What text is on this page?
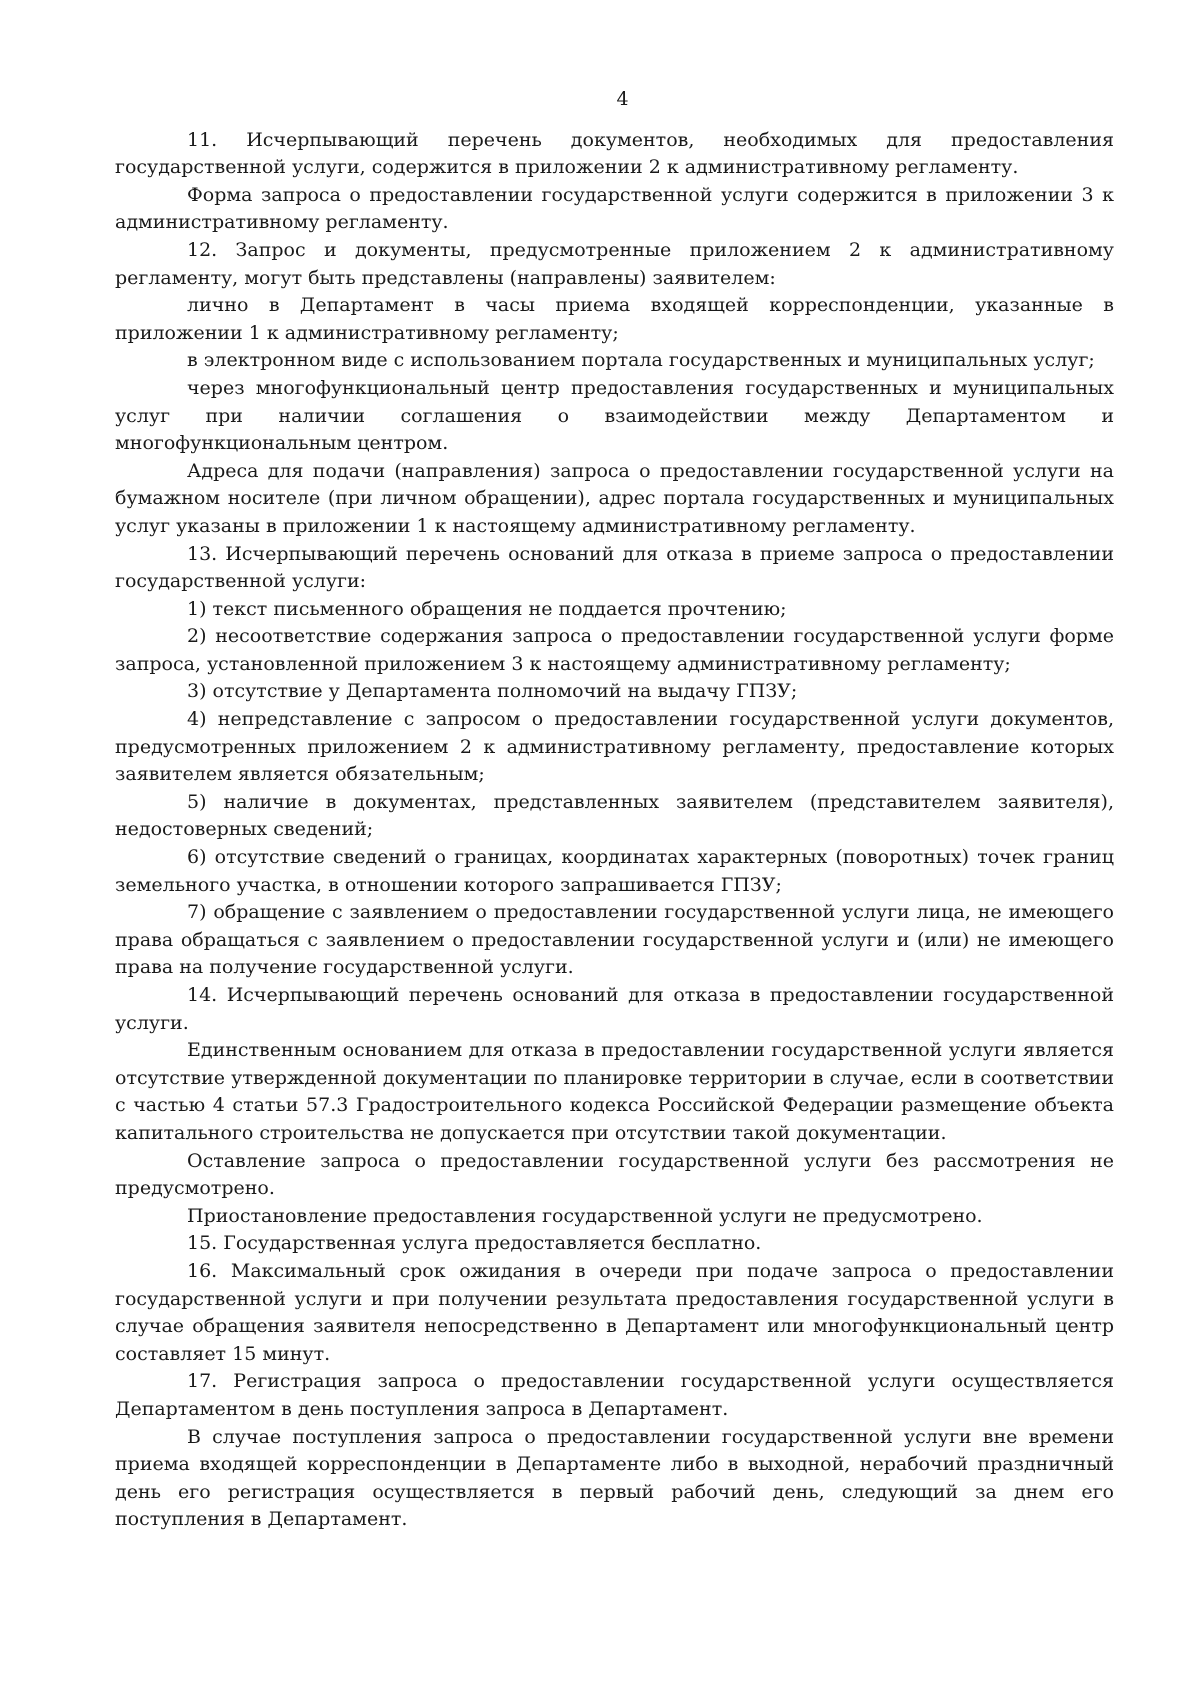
4

11. Исчерпывающий перечень документов, необходимых для предоставления государственной услуги, содержится в приложении 2 к административному регламенту.

Форма запроса о предоставлении государственной услуги содержится в приложении 3 к административному регламенту.

12. Запрос и документы, предусмотренные приложением 2 к административному регламенту, могут быть представлены (направлены) заявителем:

лично в Департамент в часы приема входящей корреспонденции, указанные в приложении 1 к административному регламенту;

в электронном виде с использованием портала государственных и муниципальных услуг;

через многофункциональный центр предоставления государственных и муниципальных услуг при наличии соглашения о взаимодействии между Департаментом и многофункциональным центром.

Адреса для подачи (направления) запроса о предоставлении государственной услуги на бумажном носителе (при личном обращении), адрес портала государственных и муниципальных услуг указаны в приложении 1 к настоящему административному регламенту.

13. Исчерпывающий перечень оснований для отказа в приеме запроса о предоставлении государственной услуги:

1) текст письменного обращения не поддается прочтению;

2) несоответствие содержания запроса о предоставлении государственной услуги форме запроса, установленной приложением 3 к настоящему административному регламенту;

3) отсутствие у Департамента полномочий на выдачу ГПЗУ;

4) непредставление с запросом о предоставлении государственной услуги документов, предусмотренных приложением 2 к административному регламенту, предоставление которых заявителем является обязательным;

5) наличие в документах, представленных заявителем (представителем заявителя), недостоверных сведений;

6) отсутствие сведений о границах, координатах характерных (поворотных) точек границ земельного участка, в отношении которого запрашивается ГПЗУ;

7) обращение с заявлением о предоставлении государственной услуги лица, не имеющего права обращаться с заявлением о предоставлении государственной услуги и (или) не имеющего права на получение государственной услуги.

14. Исчерпывающий перечень оснований для отказа в предоставлении государственной услуги.

Единственным основанием для отказа в предоставлении государственной услуги является отсутствие утвержденной документации по планировке территории в случае, если в соответствии с частью 4 статьи 57.3 Градостроительного кодекса Российской Федерации размещение объекта капитального строительства не допускается при отсутствии такой документации.

Оставление запроса о предоставлении государственной услуги без рассмотрения не предусмотрено.

Приостановление предоставления государственной услуги не предусмотрено.

15. Государственная услуга предоставляется бесплатно.

16. Максимальный срок ожидания в очереди при подаче запроса о предоставлении государственной услуги и при получении результата предоставления государственной услуги в случае обращения заявителя непосредственно в Департамент или многофункциональный центр составляет 15 минут.

17. Регистрация запроса о предоставлении государственной услуги осуществляется Департаментом в день поступления запроса в Департамент.

В случае поступления запроса о предоставлении государственной услуги вне времени приема входящей корреспонденции в Департаменте либо в выходной, нерабочий праздничный день его регистрация осуществляется в первый рабочий день, следующий за днем его поступления в Департамент.
